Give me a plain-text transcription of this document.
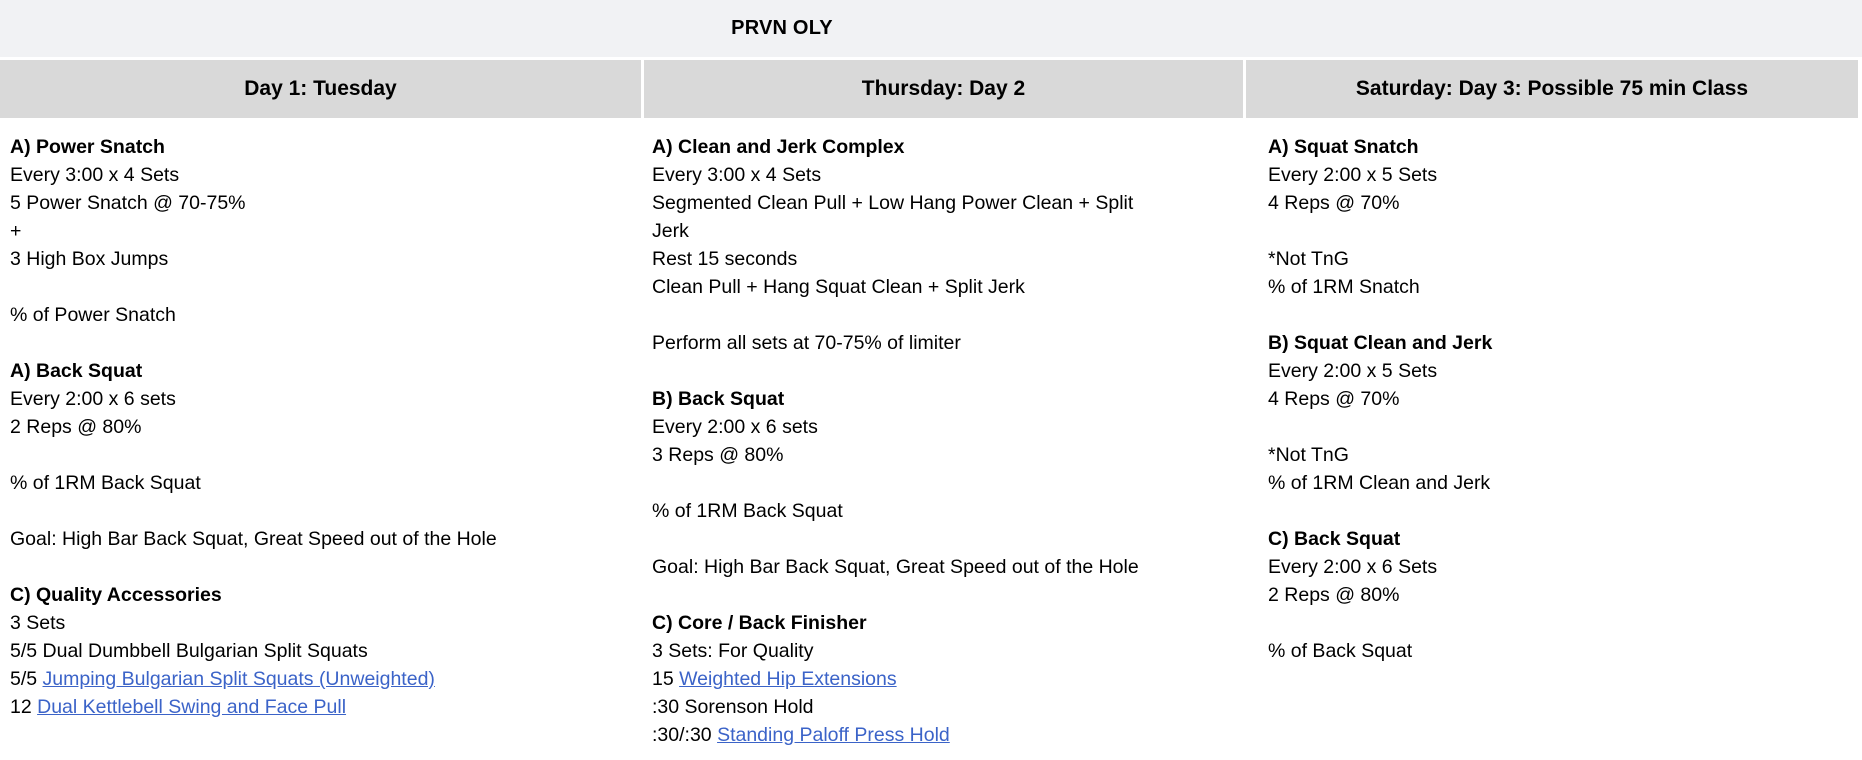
PRVN OLY
Day 1: Tuesday	Thursday: Day 2	Saturday: Day 3: Possible 75 min Class
A) Power Snatch
Every 3:00 x 4 Sets
5 Power Snatch @ 70-75%
+
3 High Box Jumps

% of Power Snatch

A) Back Squat
Every 2:00 x 6 sets
2 Reps @ 80%

% of 1RM Back Squat

Goal: High Bar Back Squat, Great Speed out of the Hole

C) Quality Accessories
3 Sets
5/5 Dual Dumbbell Bulgarian Split Squats
5/5 Jumping Bulgarian Split Squats (Unweighted)
12 Dual Kettlebell Swing and Face Pull
A) Clean and Jerk Complex
Every 3:00 x 4 Sets
Segmented Clean Pull + Low Hang Power Clean + Split
Jerk
Rest 15 seconds
Clean Pull + Hang Squat Clean + Split Jerk

Perform all sets at 70-75% of limiter

B) Back Squat
Every 2:00 x 6 sets
3 Reps @ 80%

% of 1RM Back Squat

Goal: High Bar Back Squat, Great Speed out of the Hole

C) Core / Back Finisher
3 Sets: For Quality
15 Weighted Hip Extensions
:30 Sorenson Hold
:30/:30 Standing Paloff Press Hold
A) Squat Snatch
Every 2:00 x 5 Sets
4 Reps @ 70%

*Not TnG
% of 1RM Snatch

B) Squat Clean and Jerk
Every 2:00 x 5 Sets
4 Reps @ 70%

*Not TnG
% of 1RM Clean and Jerk

C) Back Squat
Every 2:00 x 6 Sets
2 Reps @ 80%

% of Back Squat
